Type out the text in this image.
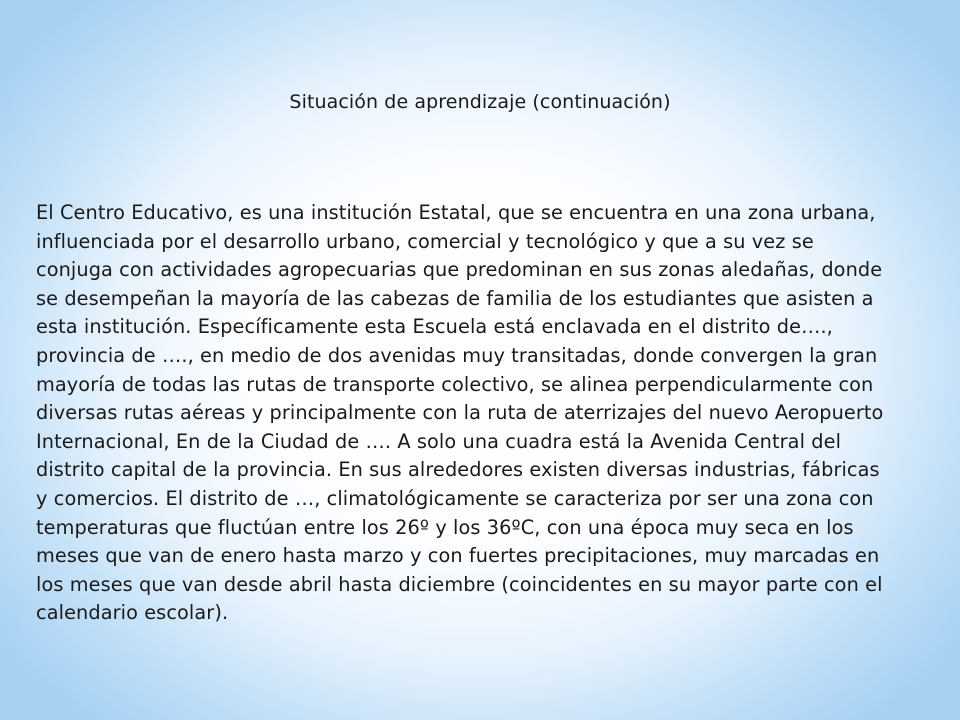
Situación de aprendizaje (continuación)

El Centro Educativo, es una institución Estatal, que se encuentra en una zona urbana, influenciada por el desarrollo urbano, comercial y tecnológico y que a su vez se conjuga con actividades agropecuarias que predominan en sus zonas aledañas, donde se desempeñan la mayoría de las cabezas de familia de los estudiantes que asisten a esta institución. Específicamente esta Escuela está enclavada en el distrito de…., provincia de …., en medio de dos avenidas muy transitadas, donde convergen la gran mayoría de todas las rutas de transporte colectivo, se alinea perpendicularmente con diversas rutas aéreas y principalmente con la ruta de aterrizajes del nuevo Aeropuerto Internacional, En de la Ciudad de …. A solo una cuadra está la Avenida Central del distrito capital de la provincia. En sus alrededores existen diversas industrias, fábricas y comercios. El distrito de …, climatológicamente se caracteriza por ser una zona con temperaturas que fluctúan entre los 26º y los 36ºC, con una época muy seca en los meses que van de enero hasta marzo y con fuertes precipitaciones, muy marcadas en los meses que van desde abril hasta diciembre (coincidentes en su mayor parte con el calendario escolar).
